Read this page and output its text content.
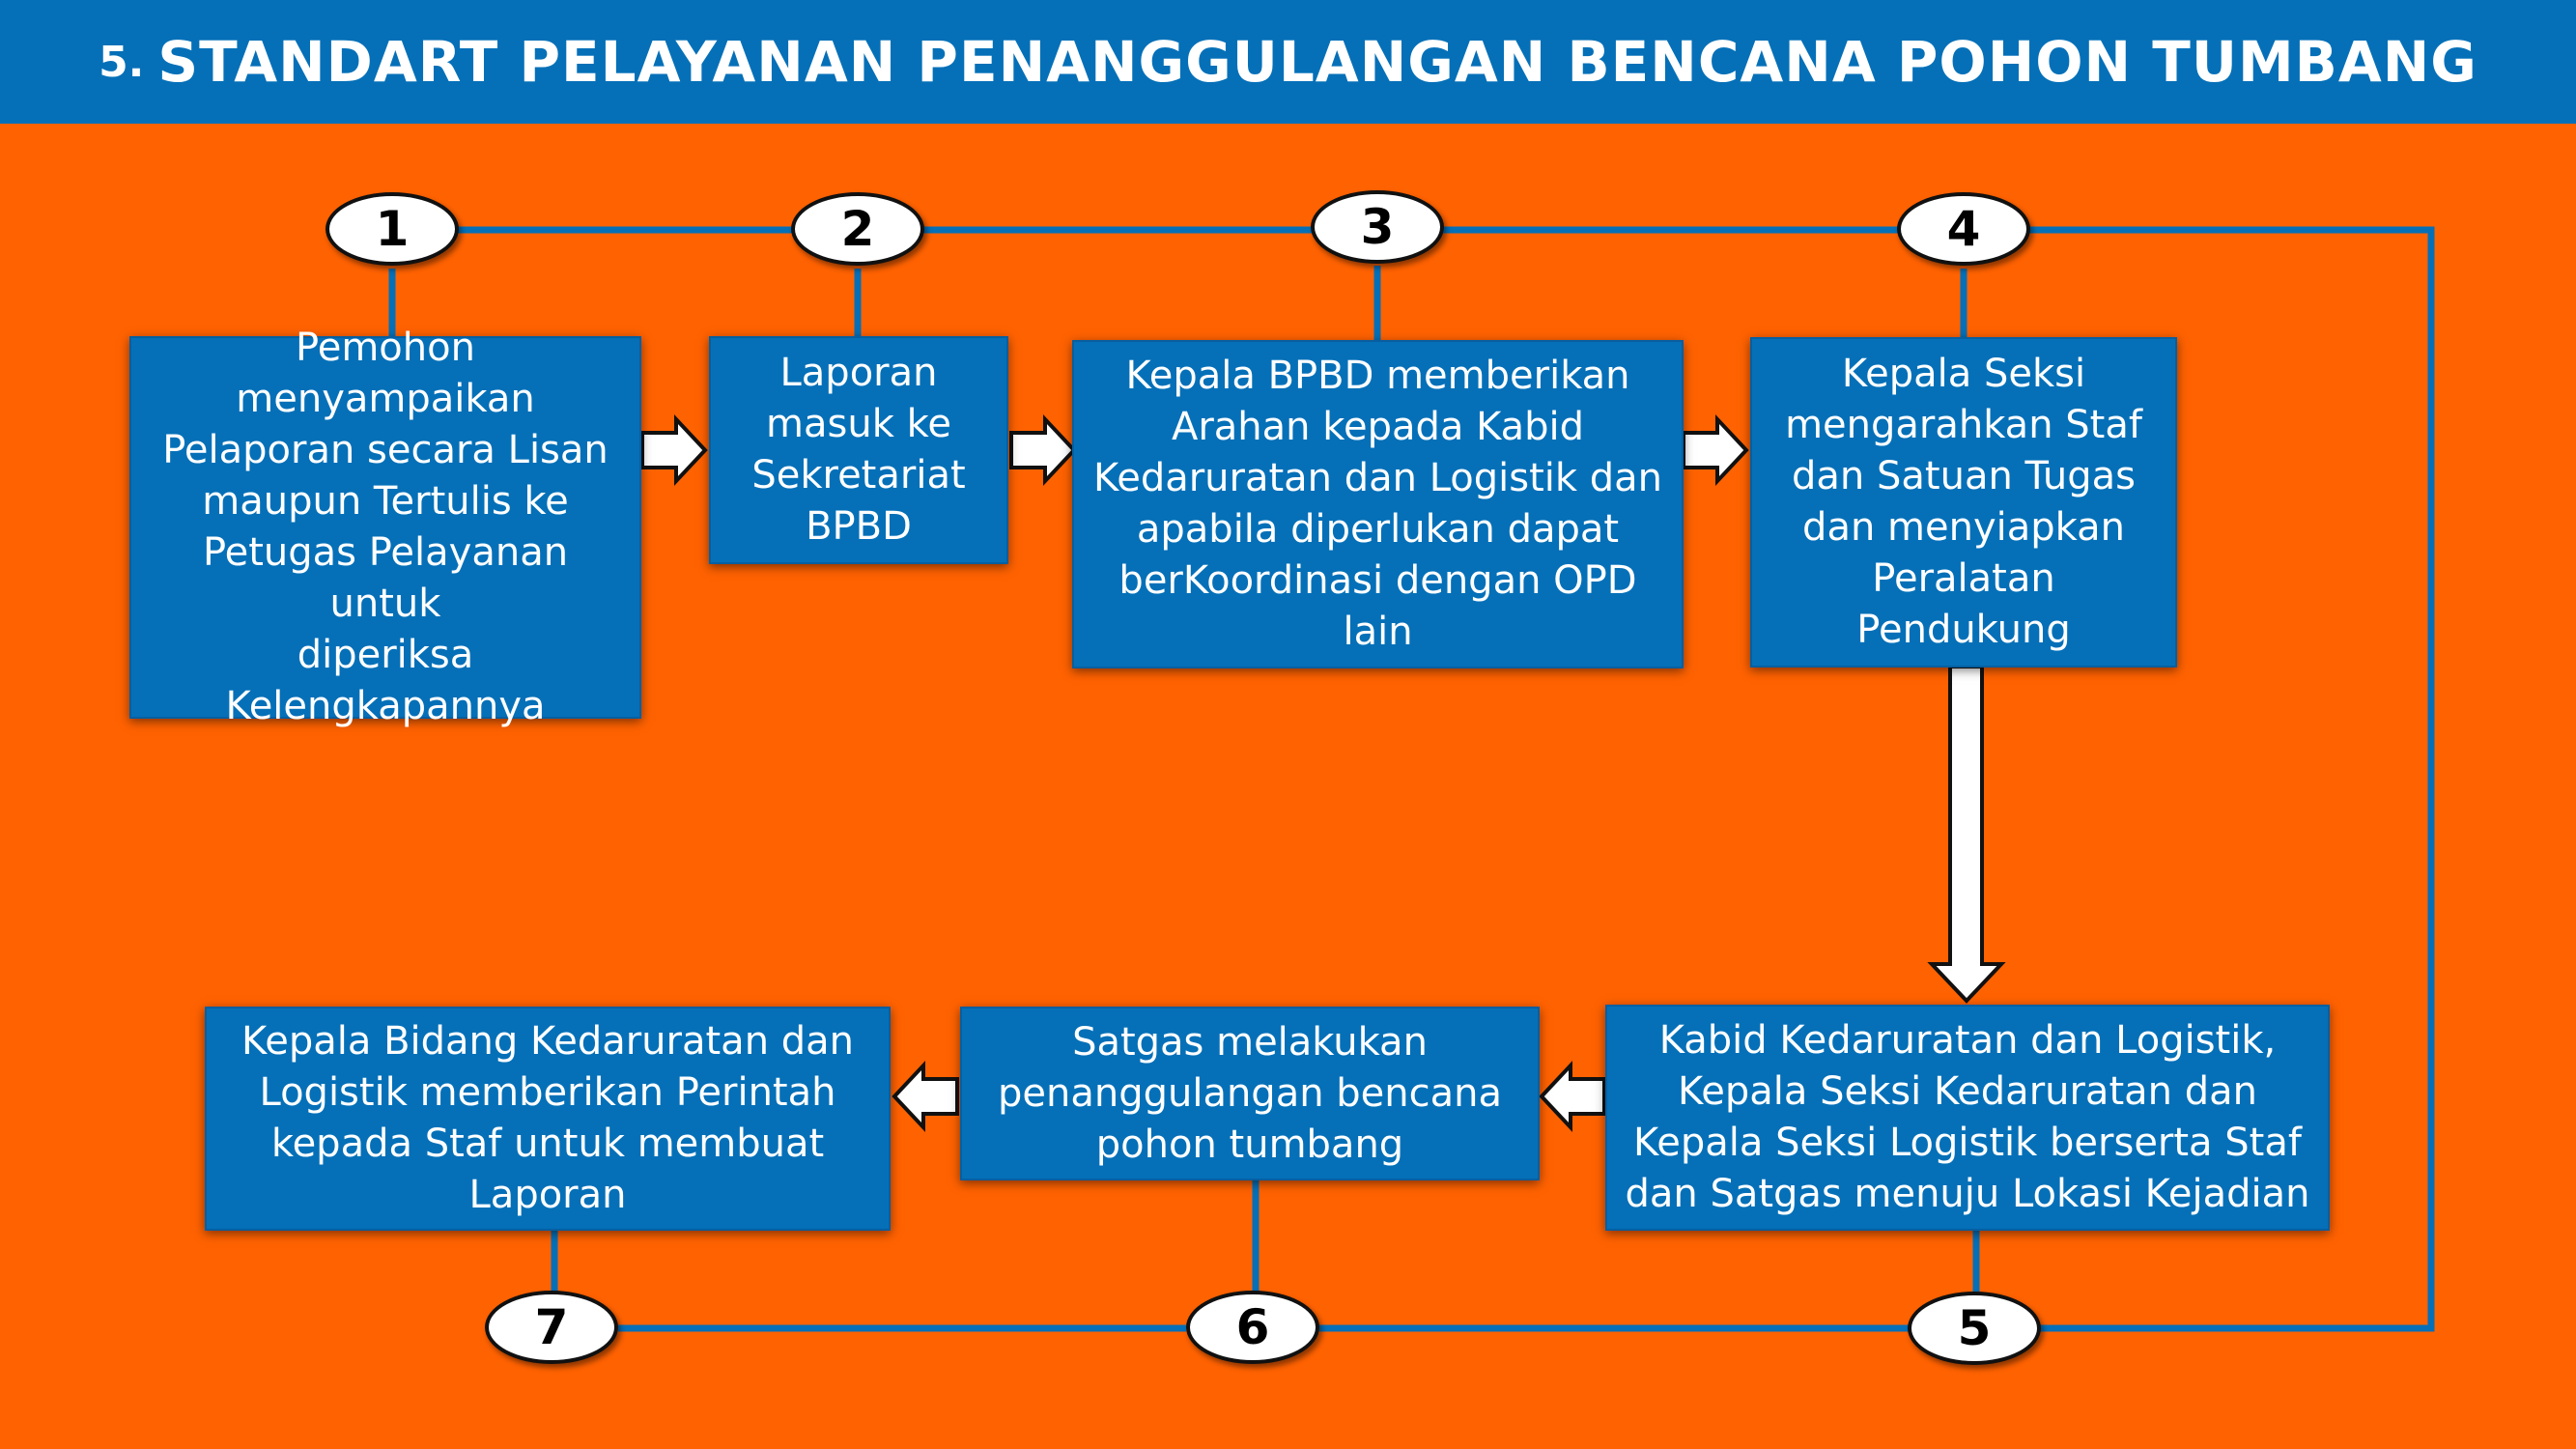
5. STANDART PELAYANAN PENANGGULANGAN BENCANA POHON TUMBANG
Pemohon
menyampaikan
Pelaporan secara Lisan
maupun Tertulis ke
Petugas Pelayanan untuk
diperiksa
Kelengkapannya
Laporan
masuk ke
Sekretariat
BPBD
Kepala BPBD memberikan
Arahan kepada Kabid
Kedaruratan dan Logistik dan
apabila diperlukan dapat
berKoordinasi dengan OPD
lain
Kepala Seksi
mengarahkan Staf
dan Satuan Tugas
dan menyiapkan
Peralatan
Pendukung
Kabid Kedaruratan dan Logistik,
Kepala Seksi Kedaruratan dan
Kepala Seksi Logistik berserta Staf
dan Satgas menuju Lokasi Kejadian
Satgas melakukan
penanggulangan bencana
pohon tumbang
Kepala Bidang Kedaruratan dan
Logistik memberikan Perintah
kepada Staf untuk membuat
Laporan
1	2	3	4
5
6
7
